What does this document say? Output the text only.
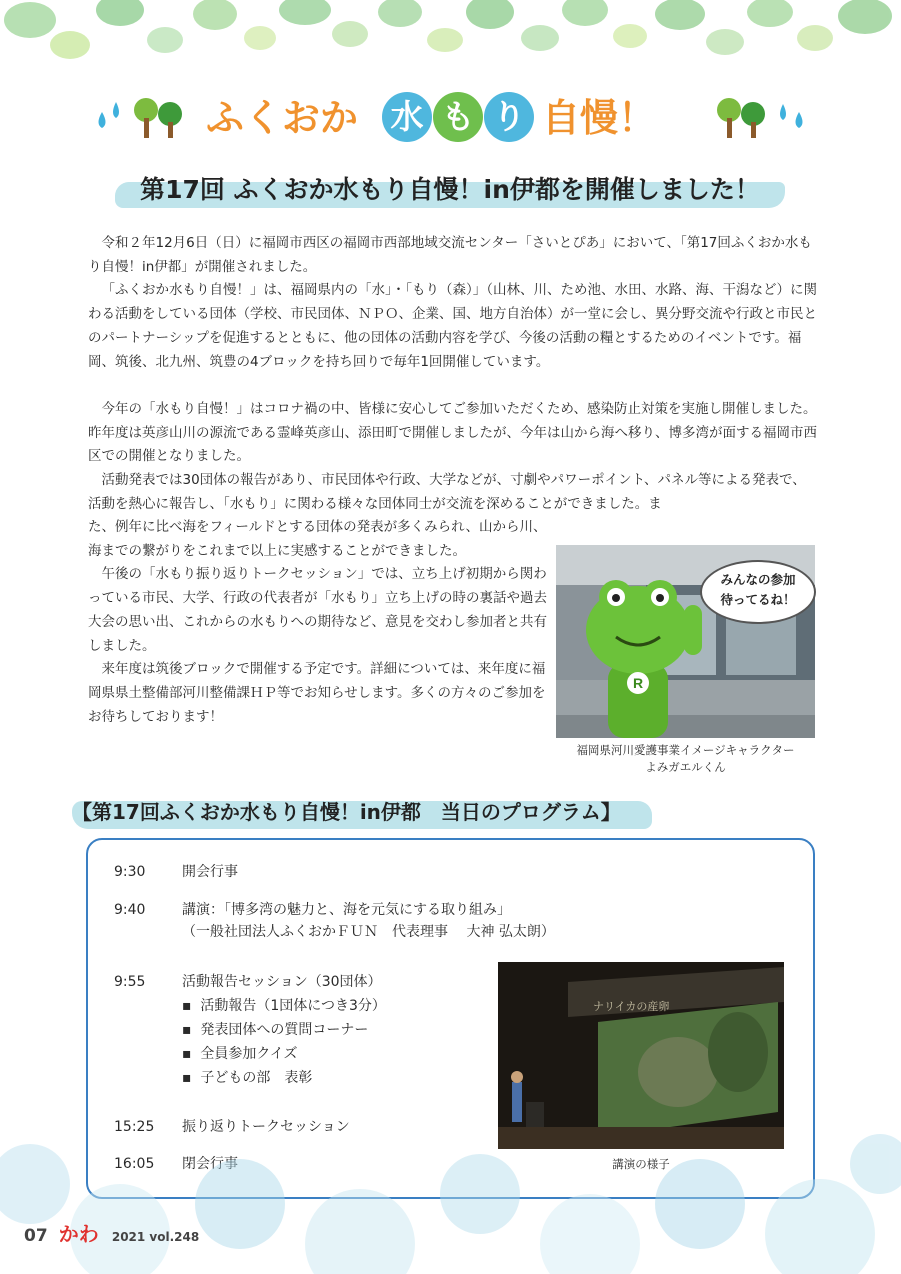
ふくおか 水 も り 自慢！
第17回 ふくおか水もり自慢！in伊都を開催しました！

令和２年12月6日（日）に福岡市西区の福岡市西部地域交流センター「さいとぴあ」において、「第17回ふくおか水もり自慢！in伊都」が開催されました。

「ふくおか水もり自慢！」は、福岡県内の「水」・「もり（森）」（山林、川、ため池、水田、水路、海、干潟など）に関わる活動をしている団体（学校、市民団体、ＮＰＯ、企業、国、地方自治体）が一堂に会し、異分野交流や行政と市民とのパートナーシップを促進するとともに、他の団体の活動内容を学び、今後の活動の糧とするためのイベントです。福岡、筑後、北九州、筑豊の4ブロックを持ち回りで毎年1回開催しています。

今年の「水もり自慢！」はコロナ禍の中、皆様に安心してご参加いただくため、感染防止対策を実施し開催しました。昨年度は英彦山川の源流である霊峰英彦山、添田町で開催しましたが、今年は山から海へ移り、博多湾が面する福岡市西区での開催となりました。

活動発表では30団体の報告があり、市民団体や行政、大学などが、寸劇やパワーポイント、パネル等による発表で、活動を熱心に報告し、「水もり」に関わる様々な団体同士が交流を深めることができました。ま

た、例年に比べ海をフィールドとする団体の発表が多くみられ、山から川、海までの繋がりをこれまで以上に実感することができました。

午後の「水もり振り返りトークセッション」では、立ち上げ初期から関わっている市民、大学、行政の代表者が「水もり」立ち上げの時の裏話や過去大会の思い出、これからの水もりへの期待など、意見を交わし参加者と共有しました。

来年度は筑後ブロックで開催する予定です。詳細については、来年度に福岡県県土整備部河川整備課ＨＰ等でお知らせします。多くの方々のご参加をお待ちしております！

R
みんなの参加
待ってるね！
福岡県河川愛護事業イメージキャラクター
よみガエルくん
【第17回ふくおか水もり自慢！in伊都　当日のプログラム】
9:30	開会行事
9:40	講演：「博多湾の魅力と、海を元気にする取り組み」
（一般社団法人ふくおかＦＵＮ　代表理事　 大神 弘太朗）
9:55	活動報告セッション（30団体）
▪  活動報告（1団体につき3分）
▪  発表団体への質問コーナー
▪  全員参加クイズ
▪  子どもの部　表彰
15:25 振り返りトークセッション
16:05 閉会行事
ナリイカの産卵
講演の様子
07 かわ 2021 vol.248
